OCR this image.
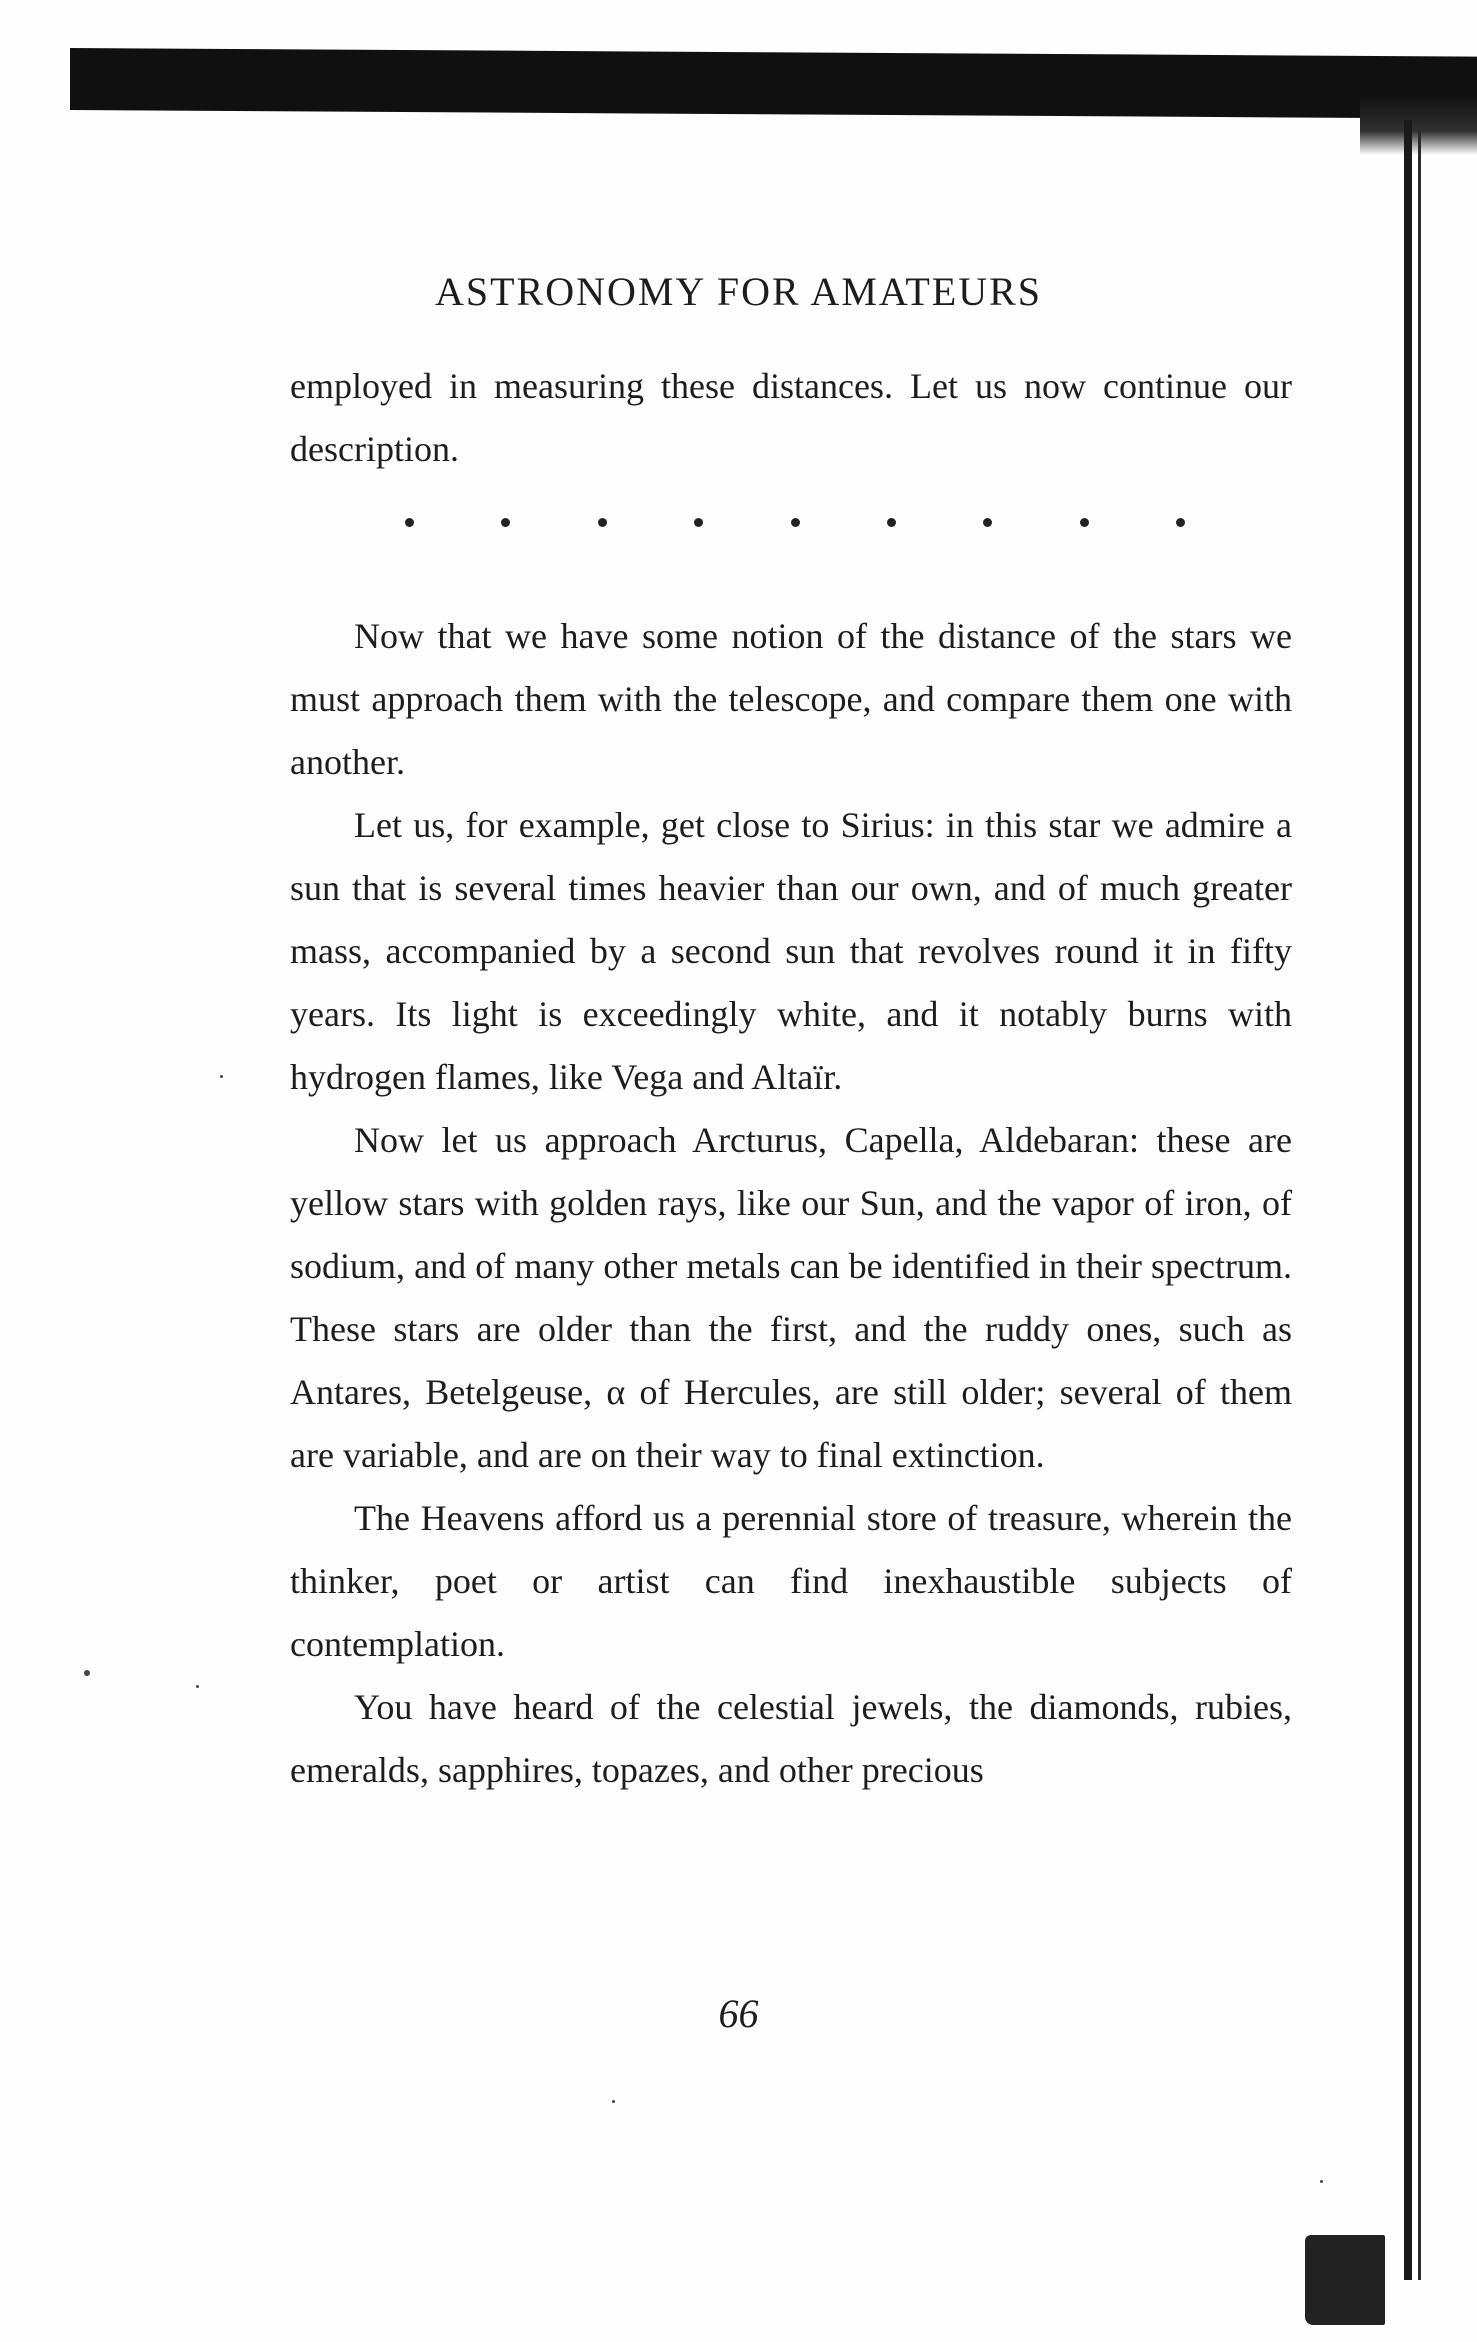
ASTRONOMY FOR AMATEURS

employed in measuring these distances. Let us now continue our description.

Now that we have some notion of the distance of the stars we must approach them with the telescope, and compare them one with another.

Let us, for example, get close to Sirius: in this star we admire a sun that is several times heavier than our own, and of much greater mass, accompanied by a second sun that revolves round it in fifty years. Its light is exceedingly white, and it notably burns with hydrogen flames, like Vega and Altaïr.

Now let us approach Arcturus, Capella, Aldebaran: these are yellow stars with golden rays, like our Sun, and the vapor of iron, of sodium, and of many other metals can be identified in their spectrum. These stars are older than the first, and the ruddy ones, such as Antares, Betelgeuse, α of Hercules, are still older; several of them are variable, and are on their way to final extinction.

The Heavens afford us a perennial store of treasure, wherein the thinker, poet or artist can find inexhaustible subjects of contemplation.

You have heard of the celestial jewels, the diamonds, rubies, emeralds, sapphires, topazes, and other precious

66
